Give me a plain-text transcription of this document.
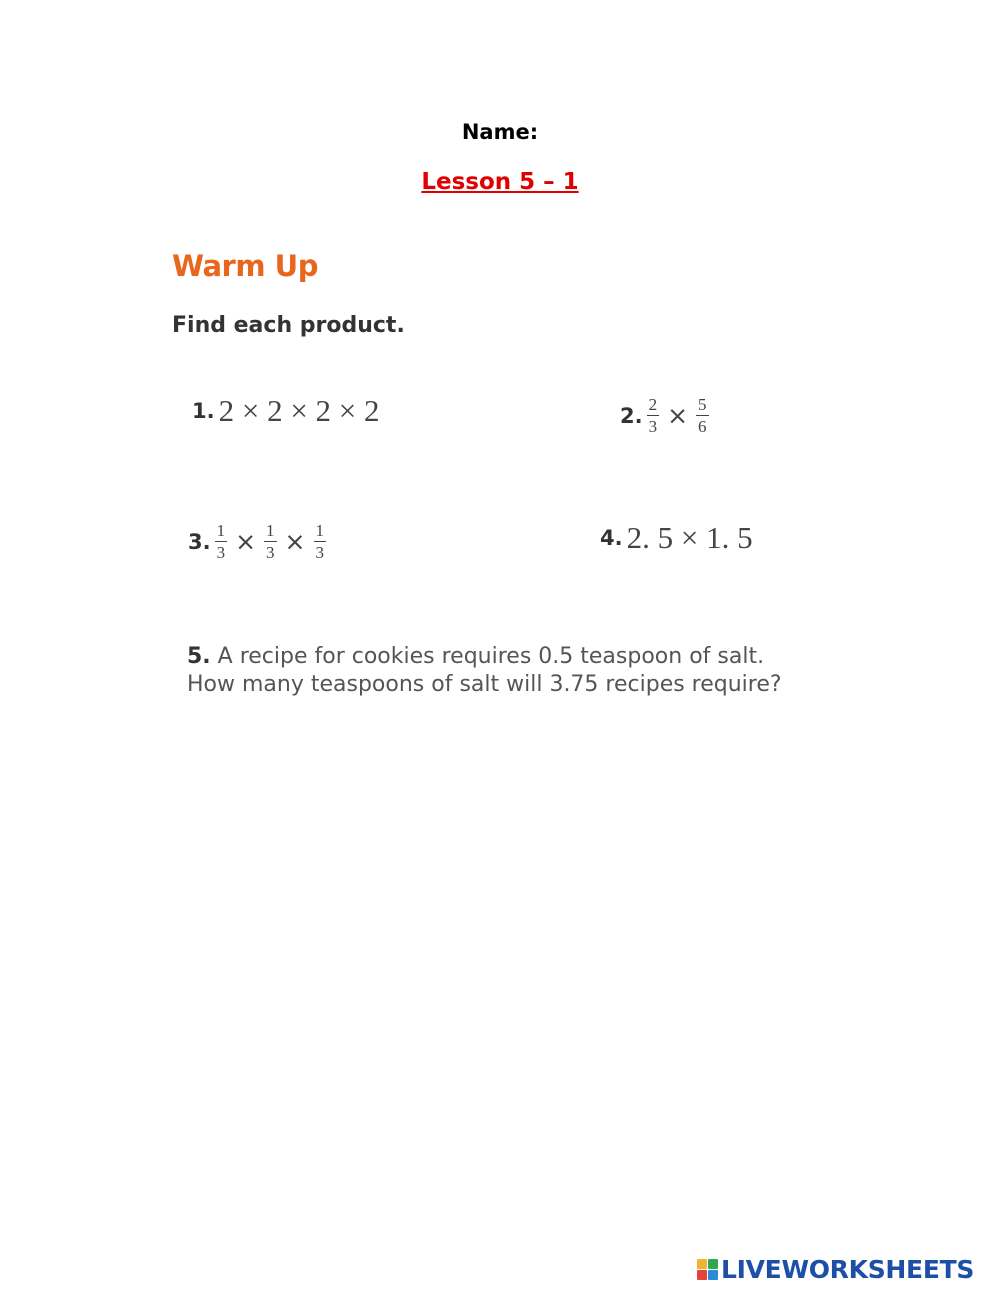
Name:
Lesson 5 – 1
Warm Up
Find each product.
1. 2 × 2 × 2 × 2	2. $\frac{2}{3} \times \frac{5}{6}$
3. $\frac{1}{3} \times \frac{1}{3} \times \frac{1}{3}$	4. 2. 5 × 1. 5
5. A recipe for cookies requires 0.5 teaspoon of salt.
How many teaspoons of salt will 3.75 recipes require?
LIVEWORKSHEETS
